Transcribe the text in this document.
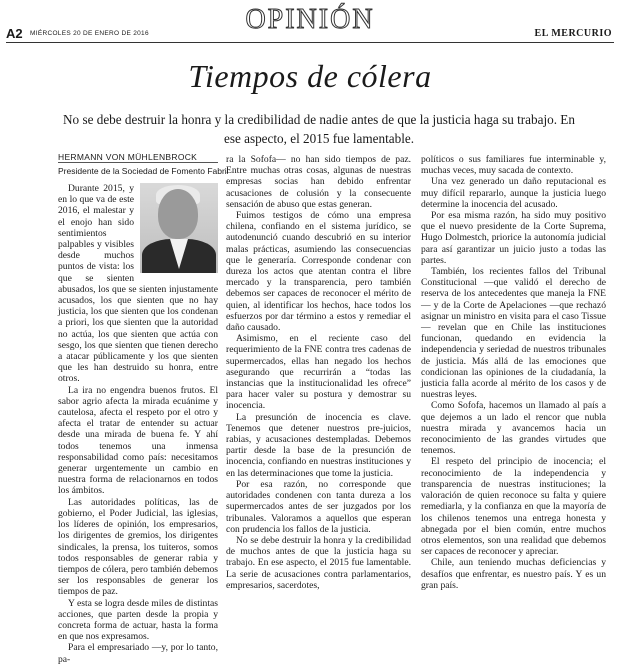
A2 MIÉRCOLES 20 DE ENERO DE 2016	OPINIÓN	EL MERCURIO
Tiempos de cólera
No se debe destruir la honra y la credibilidad de nadie antes de que la justicia haga su trabajo. En ese aspecto, el 2015 fue lamentable.
HERMANN VON MÜHLENBROCK
Presidente de la Sociedad de Fomento Fabril

Durante 2015, y en lo que va de este 2016, el malestar y el enojo han sido sentimientos palpables y visibles desde muchos puntos de vista: los que se sienten abusados, los que se sienten injustamente acusados, los que sienten que no hay justicia, los que sienten que los condenan a priori, los que sienten que la autoridad no actúa, los que sienten que actúa con sesgo, los que sienten que tienen derecho a atacar públicamente y los que sienten que les han destruido su honra, entre otros.

La ira no engendra buenos frutos. El sabor agrio afecta la mirada ecuánime y cautelosa, afecta el respeto por el otro y afecta el tratar de entender su actuar desde una mirada de buena fe. Y ahí todos tenemos una inmensa responsabilidad como país: necesitamos generar urgentemente un cambio en nuestra forma de relacionarnos en todos los ámbitos.

Las autoridades políticas, las de gobierno, el Poder Judicial, las iglesias, los líderes de opinión, los empresarios, los dirigentes de gremios, los dirigentes sindicales, la prensa, los tuiteros, somos todos responsables de generar rabia y tiempos de cólera, pero también debemos ser los responsables de generar los tiempos de paz.

Y esta se logra desde miles de distintas acciones, que parten desde la propia y concreta forma de actuar, hasta la forma en que nos expresamos.

Para el empresariado —y, por lo tanto, pa-

ra la Sofofa— no han sido tiempos de paz. Entre muchas otras cosas, algunas de nuestras empresas socias han debido enfrentar acusaciones de colusión y la consecuente sensación de abuso que estas generan.

Fuimos testigos de cómo una empresa chilena, confiando en el sistema jurídico, se autodenunció cuando descubrió en su interior malas prácticas, asumiendo las consecuencias que le generaría. Corresponde condenar con dureza los actos que atentan contra el libre mercado y la transparencia, pero también debemos ser capaces de reconocer el mérito de quien, al identificar los hechos, hace todos los esfuerzos por dar término a estos y remediar el daño causado.

Asimismo, en el reciente caso del requerimiento de la FNE contra tres cadenas de supermercados, ellas han negado los hechos asegurando que recurrirán a “todas las instancias que la institucionalidad les ofrece” para hacer valer su postura y demostrar su inocencia.

La presunción de inocencia es clave. Tenemos que detener nuestros pre-juicios, rabias, y acusaciones destempladas. Debemos partir desde la base de la presunción de inocencia, confiando en nuestras instituciones y en las determinaciones que tome la justicia.

Por esa razón, no corresponde que autoridades condenen con tanta dureza a los supermercados antes de ser juzgados por los tribunales. Valoramos a aquellos que esperan con prudencia los fallos de la justicia.

No se debe destruir la honra y la credibilidad de muchos antes de que la justicia haga su trabajo. En ese aspecto, el 2015 fue lamentable. La serie de acusaciones contra parlamentarios, empresarios, sacerdotes,

políticos o sus familiares fue interminable y, muchas veces, muy sacada de contexto.

Una vez generado un daño reputacional es muy difícil repararlo, aunque la justicia luego determine la inocencia del acusado.

Por esa misma razón, ha sido muy positivo que el nuevo presidente de la Corte Suprema, Hugo Dolmestch, priorice la autonomía judicial para así garantizar un juicio justo a todas las partes.

También, los recientes fallos del Tribunal Constitucional —que validó el derecho de reserva de los antecedentes que maneja la FNE— y de la Corte de Apelaciones —que rechazó asignar un ministro en visita para el caso Tissue— revelan que en Chile las instituciones funcionan, quedando en evidencia la independencia y seriedad de nuestros tribunales de justicia. Más allá de las emociones que condicionan las opiniones de la ciudadanía, la justicia falla acorde al mérito de los casos y de nuestras leyes.

Como Sofofa, hacemos un llamado al país a que dejemos a un lado el rencor que nubla nuestra mirada y avancemos hacia un reconocimiento de las grandes virtudes que tenemos.

El respeto del principio de inocencia; el reconocimiento de la independencia y transparencia de nuestras instituciones; la valoración de quien reconoce su falta y quiere remediarla, y la confianza en que la mayoría de los chilenos tenemos una entrega honesta y abnegada por el bien común, entre muchos otros elementos, son una realidad que debemos ser capaces de reconocer y apreciar.

Chile, aun teniendo muchas deficiencias y desafíos que enfrentar, es nuestro país. Y es un gran país.
